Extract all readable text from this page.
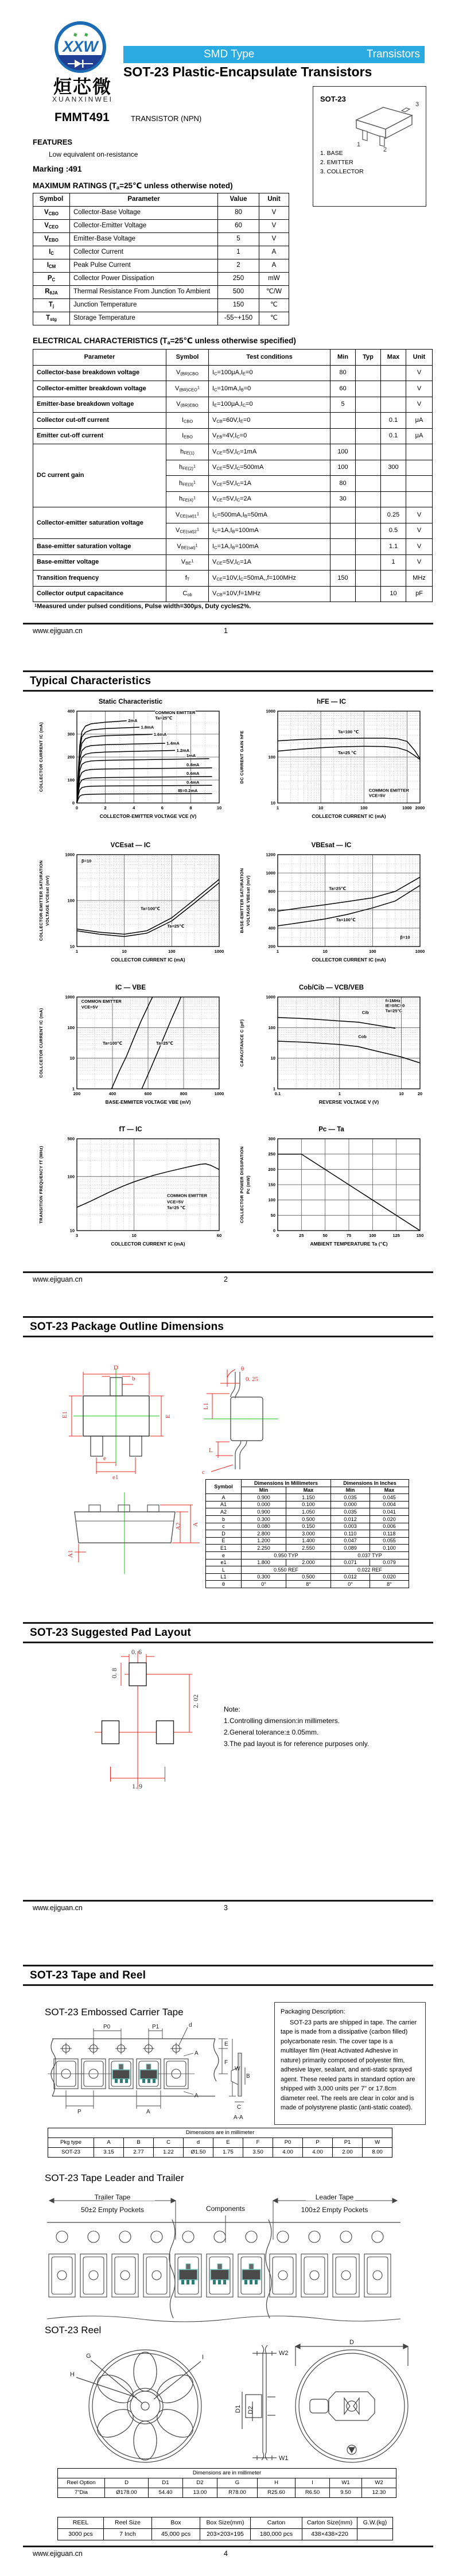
XXW
烜芯微
XUANXINWEI
SMD Type	Transistors
SOT-23 Plastic-Encapsulate Transistors
SOT-23
3
1
2
1. BASE
2. EMITTER
3. COLLECTOR
FMMT491	TRANSISTOR (NPN)
FEATURES
Low equivalent on-resistance
Marking :491
MAXIMUM RATINGS ($T_a=25℃$ unless otherwise noted)
Symbol	Parameter	Value	Unit
$V_{CBO}$	Collector-Base Voltage	80	V
$V_{CEO}$	Collector-Emitter Voltage	60	V
$V_{EBO}$	Emitter-Base Voltage	5	V
$I_C$	Collector Current	1	A
$I_{CM}$	Peak Pulse Current	2	A
$P_C$	Collector Power Dissipation	250	mW
$R_{\theta JA}$	Thermal Resistance From Junction To Ambient	500	℃/W
$T_j$	Junction Temperature	150	℃
$T_{stg}$	Storage Temperature	-55~+150	℃
ELECTRICAL CHARACTERISTICS ($T_a=25℃$ unless otherwise specified)
Parameter	Symbol	Test conditions	Min	Typ	Max	Unit
Collector-base breakdown voltage	$V_{(BR)CBO}$	$I_C=100\mu A,I_E=0$	80			V
Collector-emitter breakdown voltage	$V_{(BR)CEO}^1$	$I_C=10mA,I_B=0$	60			V
Emitter-base breakdown voltage	$V_{(BR)EBO}$	$I_E=100\mu A,I_C=0$	5			V
Collector cut-off current	$I_{CBO}$	$V_{CB}=60V,I_E=0$			0.1	μA
Emitter cut-off current	$I_{EBO}$	$V_{EB}=4V,I_C=0$			0.1	μA
DC current gain	$h_{FE(1)}$	$V_{CE}=5V,I_C=1mA$	100			
	$h_{FE(2)}^1$	$V_{CE}=5V,I_C=500mA$	100		300	
	$h_{FE(3)}^1$	$V_{CE}=5V,I_C=1A$	80			
	$h_{FE(4)}^1$	$V_{CE}=5V,I_C=2A$	30			
Collector-emitter saturation voltage	$V_{CE(sat)1}^1$	$I_C=500mA,I_B=50mA$			0.25	V
	$V_{CE(sat)2}^1$	$I_C=1A,I_B=100mA$			0.5	V
Base-emitter saturation voltage	$V_{BE(sat)}^1$	$I_C=1A,I_B=100mA$			1.1	V
Base-emitter voltage	$V_{BE}^1$	$V_{CE}=5V,I_C=1A$			1	V
Transition frequency	$f_T$	$V_{CE}=10V,I_C=50mA,,f=100MHz$	150			MHz
Collector output capacitance	$C_{ob}$	$V_{CB}=10V,f=1MHz$			10	pF
$^1$Measured under pulsed conditions, Pulse width=300μs, Duty cycle≤2%.
www.ejiguan.cn	1
Typical Characteristics
Static Characteristic
0	2	4	6	8	10
0
100
200
300
400
COLLECTOR-EMITTER VOLTAGE VCE (V)
COLLECTOR CURRENT IC (mA)
COMMON EMITTER
Ta=25℃
2mA
1.8mA
1.6mA
1.4mA
1.2mA
1mA
0.8mA
0.6mA
0.4mA
IB=0.2mA
hFE — IC
1	10	100	1000 2000
10
100
1000
COLLECTOR CURRENT IC (mA)
DC CURRENT GAIN hFE	Ta=100 ℃
Ta=25 ℃
COMMON EMITTER
VCE=5V
VCEsat — IC
1	10	100	1000
10
100
1000
COLLECTOR CURRENT IC (mA)
COLLECTOR-EMITTER SATURATION VOLTAGE VCEsat (mV)
β=10
Ta=100℃
Ta=25℃
VBEsat — IC
1	10	100	1000
200
400
600
800
1000
1200
COLLECTOR CURRENT IC (mA)
BASE-EMITTER SATURATION VOLTAGE VBEsat (mV)	Ta=25℃
Ta=100℃
β=10
IC — VBE
200	400	600	800	1000
1
10
100
1000
BASE-EMMITER VOLTAGE VBE (mV)
COLLCETOR CURRENT IC (mA)
COMMON EMITTER
VCE=5V
Ta=100℃	Ta=25℃
Cob/Cib — VCB/VEB
0.1	1	10	20
1
10
100
1000
REVERSE VOLTAGE V (V)
CAPACITANCE C (pF)
f=1MHz
IE=0/IC=0
Ta=25°C
Cib
Cob
fT — IC
3	10	60
10
100
500
COLLECTOR CURRENT IC (mA)
TRANSITION FREQUENCY fT (MHz)	COMMON EMITTER
VCE=5V
Ta=25 ℃
Pc — Ta
0	25	50	75	100	125	150
0
50
100
150
200
250
300
AMBIENT TEMPERATURE Ta (℃)
COLLECTOR POWER DISSIPATION Pc (mW)
www.ejiguan.cn	2
SOT-23 Package Outline Dimensions
D
b
E1	E
e
e1
θ
0. 25
L1
L
c
A2 A
A1
Symbol	Dimensions In Millimeters		Dimensions In Inches	
	Min	Max	Min	Max
A	0.900	1.150	0.035	0.045
A1	0.000	0.100	0.000	0.004
A2	0.900	1.050	0.035	0.041
b	0.300	0.500	0.012	0.020
c	0.080	0.150	0.003	0.006
D	2.800	3.000	0.110	0.118
E	1.200	1.400	0.047	0.055
E1	2.250	2.550	0.089	0.100
e	0.950 TYP		0.037 TYP	
e1	1.800	2.000	0.071	0.079
L	0.550 REF		0.022 REF	
L1	0.300	0.500	0.012	0.020
θ	0°	8°	0°	8°
SOT-23 Suggested Pad Layout
0. 6
0. 8
2. 02
1. 9
Note:
1.Controlling dimension:in millimeters.
2.General tolerance:± 0.05mm.
3.The pad layout is for reference purposes only.
www.ejiguan.cn	3
SOT-23 Tape and Reel
SOT-23 Embossed Carrier Tape
P0	P1	d
E
F
W
P	A
A
A
B
C
A-A
Packaging Description:

SOT-23 parts are shipped in tape. The carrier tape is made from a dissipative (carbon filled) polycarbonate resin. The cover tape is a multilayer film (Heat Activated Adhesive in nature) primarily composed of polyester film, adhesive layer, sealant, and anti-static sprayed agent. These reeled parts in standard option are shipped with 3,000 units per 7" or 17.8cm diameter reel. The reels are clear in color and is made of polystyrene plastic (anti-static coated).

Dimensions are in millimeter										
Pkg type	A	B	C	d	E	F	P0	P	P1	W
SOT-23	3.15	2.77	1.22	Ø1.50	1.75	3.50	4.00	4.00	2.00	8.00
SOT-23 Tape Leader and Trailer
Trailer Tape
50±2 Empty Pockets	Components
Leader Tape
100±2 Empty Pockets
SOT-23 Reel
G
H
I
W2
D1 D2
W1
D
Dimensions are in millimeter								
Reel Option	D	D1	D2	G	H	I	W1	W2
7"Dia	Ø178.00	54.40	13.00	R78.00	R25.60	R6.50	9.50	12.30
REEL	Reel Size	Box	Box Size(mm)	Carton	Carton Size(mm)	G.W.(kg)
3000 pcs	7 Inch	45,000 pcs	203×203×195	180,000 pcs	438×438×220	
www.ejiguan.cn	4
